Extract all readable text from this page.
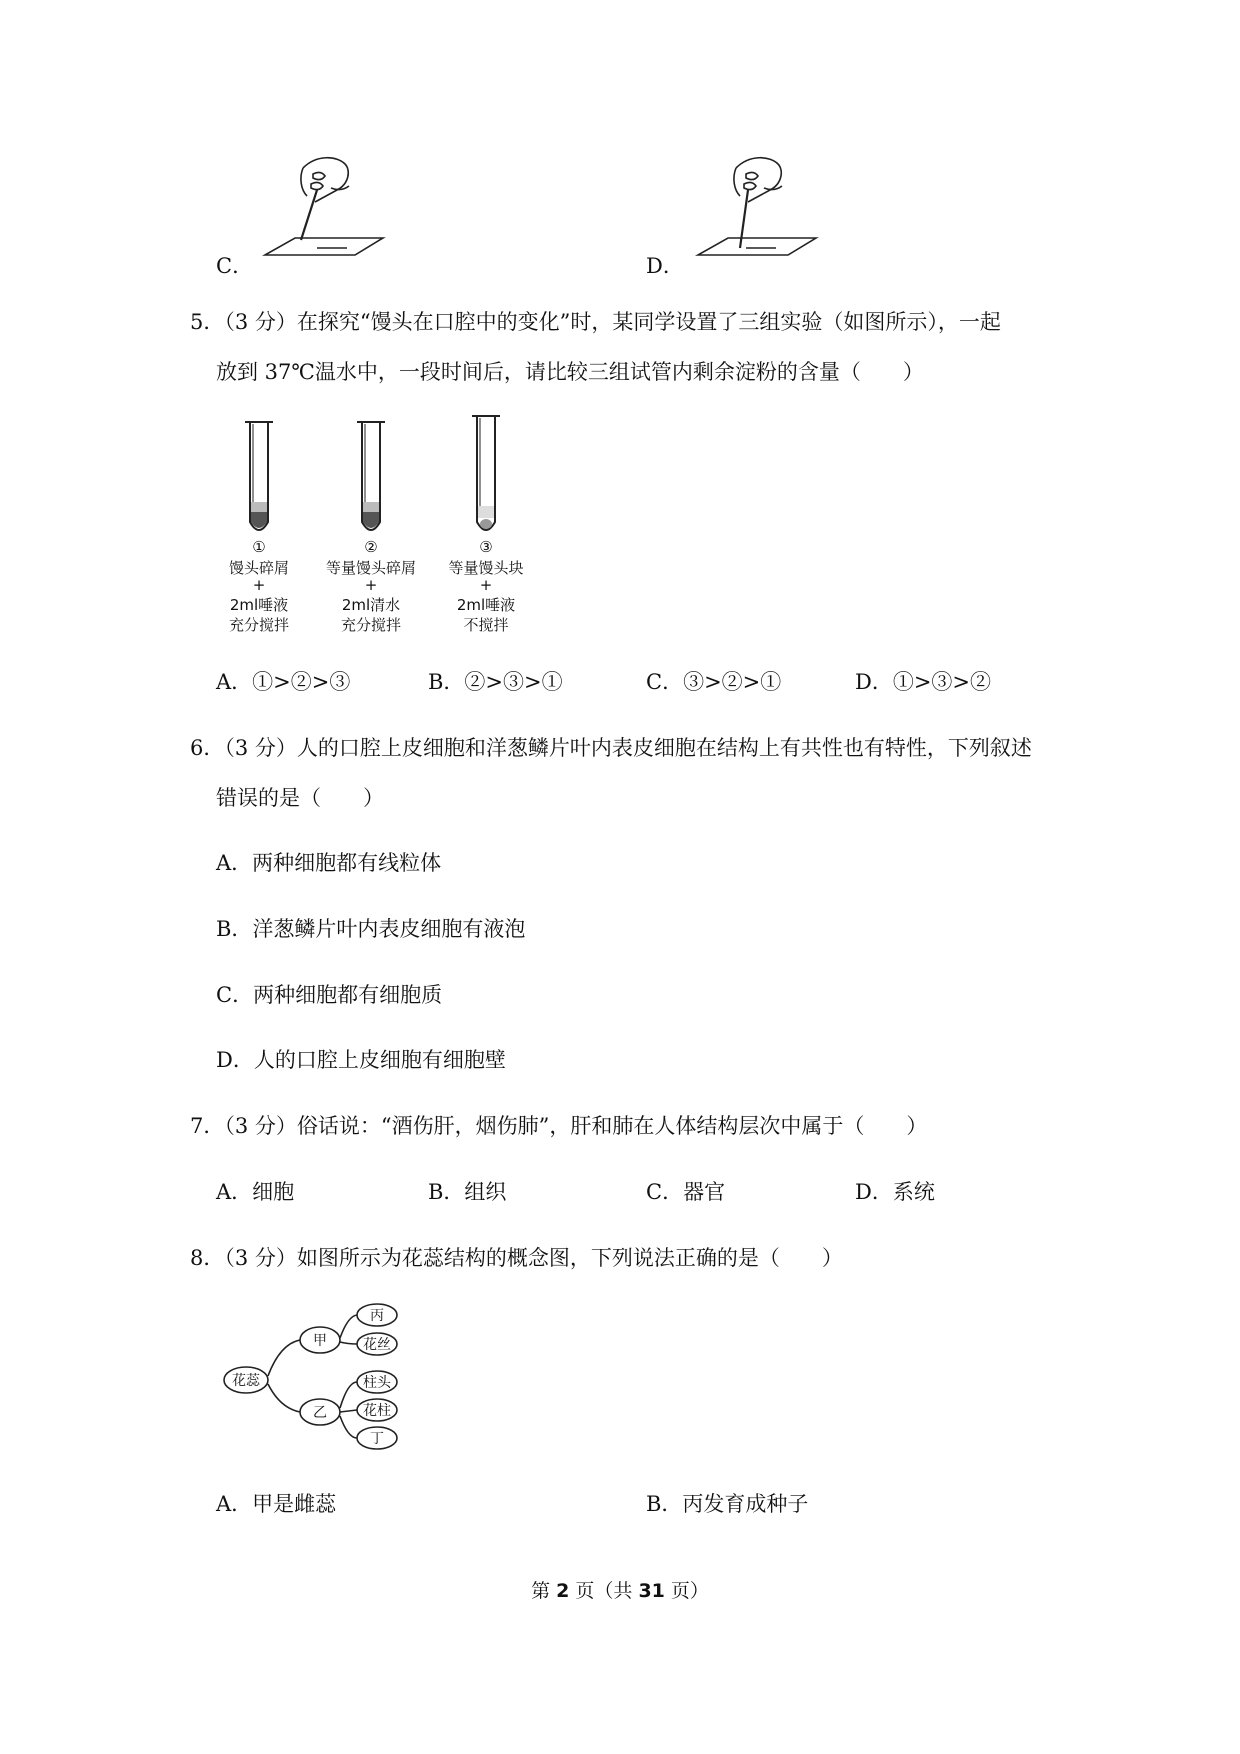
C．	D．
5．（3 分）在探究“馒头在口腔中的变化”时，某同学设置了三组实验（如图所示），一起
放到 37℃温水中，一段时间后，请比较三组试管内剩余淀粉的含量（　　）
①
馒头碎屑
+
2ml唾液
充分搅拌
②
等量馒头碎屑
+
2ml清水
充分搅拌
③
等量馒头块
+
2ml唾液
不搅拌
A．①>②>③	B．②>③>①	C．③>②>①	D．①>③>②
6．（3 分）人的口腔上皮细胞和洋葱鳞片叶内表皮细胞在结构上有共性也有特性，下列叙述
错误的是（　　）
A．两种细胞都有线粒体
B．洋葱鳞片叶内表皮细胞有液泡
C．两种细胞都有细胞质
D．人的口腔上皮细胞有细胞壁
7．（3 分）俗话说：“酒伤肝，烟伤肺”，肝和肺在人体结构层次中属于（　　）
A．细胞	B．组织	C．器官	D．系统
8．（3 分）如图所示为花蕊结构的概念图，下列说法正确的是（　　）
花蕊
甲
乙
丙
花丝
柱头
花柱
丁
A．甲是雌蕊	B．丙发育成种子
第 2 页（共 31 页）
